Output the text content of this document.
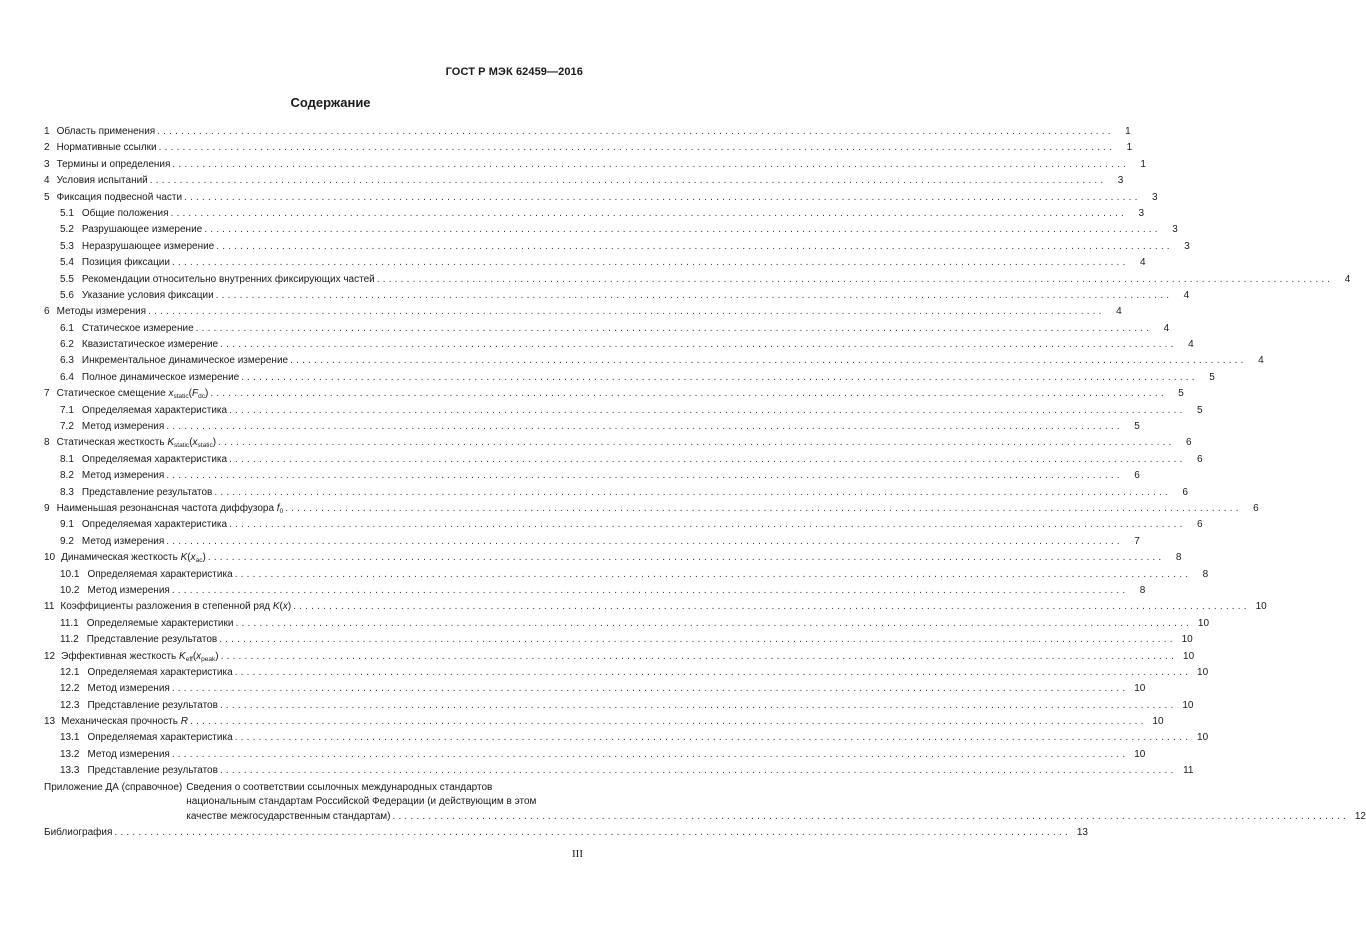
ГОСТ Р МЭК 62459—2016
Содержание
1 Область применения ................................................................................................................................................................	1
2 Нормативные ссылки ................................................................................................................................................................	1
3 Термины и определения ................................................................................................................................................................	1
4 Условия испытаний ................................................................................................................................................................	3
5 Фиксация подвесной части ................................................................................................................................................................	3
5.1 Общие положения ................................................................................................................................................................	3
5.2 Разрушающее измерение ................................................................................................................................................................	3
5.3 Неразрушающее измерение ................................................................................................................................................................	3
5.4 Позиция фиксации ................................................................................................................................................................	4
5.5 Рекомендации относительно внутренних фиксирующих частей ................................................................................................................................................................	4
5.6 Указание условия фиксации ................................................................................................................................................................	4
6 Методы измерения ................................................................................................................................................................	4
6.1 Статическое измерение ................................................................................................................................................................	4
6.2 Квазистатическое измерение ................................................................................................................................................................	4
6.3 Инкрементальное динамическое измерение ................................................................................................................................................................	4
6.4 Полное динамическое измерение ................................................................................................................................................................	5
7 Статическое смещение $x_{static}(F_{dc})$ ................................................................................................................................................................	5
7.1 Определяемая характеристика ................................................................................................................................................................	5
7.2 Метод измерения ................................................................................................................................................................	5
8 Статическая жесткость $K_{static}(x_{static})$ ................................................................................................................................................................	6
8.1 Определяемая характеристика ................................................................................................................................................................	6
8.2 Метод измерения ................................................................................................................................................................	6
8.3 Представление результатов ................................................................................................................................................................	6
9 Наименьшая резонансная частота диффузора $f_0$ ................................................................................................................................................................	6
9.1 Определяемая характеристика ................................................................................................................................................................	6
9.2 Метод измерения ................................................................................................................................................................	7
10 Динамическая жесткость $K(x_{ac})$ ................................................................................................................................................................	8
10.1 Определяемая характеристика ................................................................................................................................................................	8
10.2 Метод измерения ................................................................................................................................................................	8
11 Коэффициенты разложения в степенной ряд K(x) ................................................................................................................................................................ 10
11.1 Определяемые характеристики ................................................................................................................................................................ 10
11.2 Представление результатов ................................................................................................................................................................ 10
12 Эффективная жесткость $K_{eff}(x_{peak})$ ................................................................................................................................................................ 10
12.1 Определяемая характеристика ................................................................................................................................................................ 10
12.2 Метод измерения ................................................................................................................................................................ 10
12.3 Представление результатов ................................................................................................................................................................ 10
13 Механическая прочность R ................................................................................................................................................................ 10
13.1 Определяемая характеристика ................................................................................................................................................................ 10
13.2 Метод измерения ................................................................................................................................................................ 10
13.3 Представление результатов ................................................................................................................................................................ 11
Приложение ДА (справочное) Сведения о соответствии ссылочных международных стандартов
национальным стандартам Российской Федерации (и действующим в этом
качестве межгосударственным стандартам) ................................................................................................................................................................ 12
Библиография ................................................................................................................................................................ 13
III
